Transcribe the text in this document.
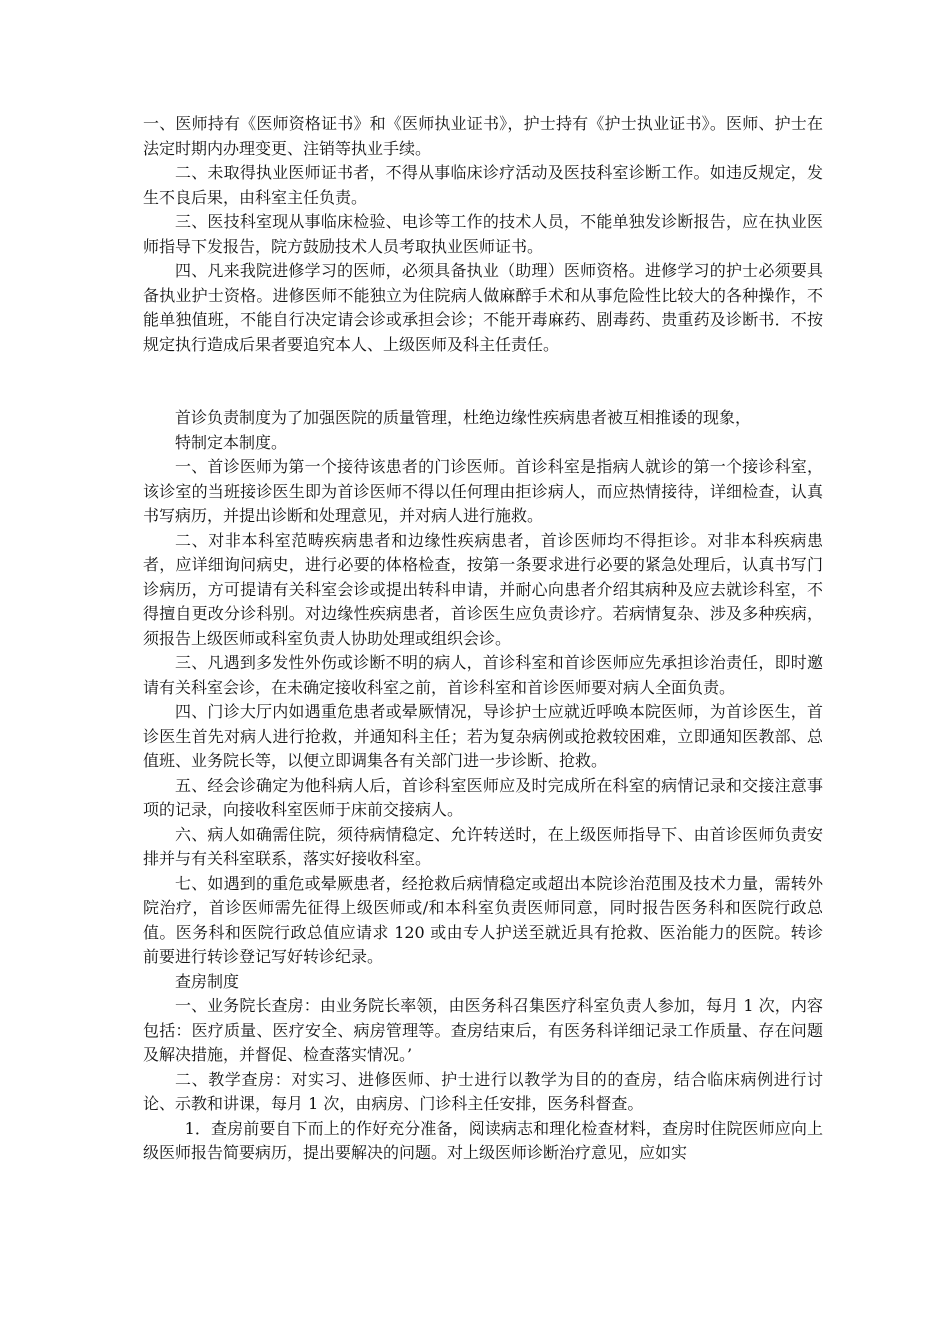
一、医师持有《医师资格证书》和《医师执业证书》，护士持有《护士执业证书》。医师、护士在法定时期内办理变更、注销等执业手续。

二、未取得执业医师证书者，不得从事临床诊疗活动及医技科室诊断工作。如违反规定，发生不良后果，由科室主任负责。

三、医技科室现从事临床检验、电诊等工作的技术人员，不能单独发诊断报告，应在执业医师指导下发报告，院方鼓励技术人员考取执业医师证书。

四、凡来我院进修学习的医师，必须具备执业（助理）医师资格。进修学习的护士必须要具备执业护士资格。进修医师不能独立为住院病人做麻醉手术和从事危险性比较大的各种操作，不能单独值班，不能自行决定请会诊或承担会诊；不能开毒麻药、剧毒药、贵重药及诊断书．不按规定执行造成后果者要追究本人、上级医师及科主任责任。

首诊负责制度为了加强医院的质量管理，杜绝边缘性疾病患者被互相推诿的现象，

特制定本制度。

一、首诊医师为第一个接待该患者的门诊医师。首诊科室是指病人就诊的第一个接诊科室，该诊室的当班接诊医生即为首诊医师不得以任何理由拒诊病人，而应热情接待，详细检查，认真书写病历，并提出诊断和处理意见，并对病人进行施救。

二、对非本科室范畴疾病患者和边缘性疾病患者，首诊医师均不得拒诊。对非本科疾病患者，应详细询问病史，进行必要的体格检查，按第一条要求进行必要的紧急处理后，认真书写门诊病历，方可提请有关科室会诊或提出转科申请，并耐心向患者介绍其病种及应去就诊科室，不得擅自更改分诊科别。对边缘性疾病患者，首诊医生应负责诊疗。若病情复杂、涉及多种疾病，须报告上级医师或科室负责人协助处理或组织会诊。

三、凡遇到多发性外伤或诊断不明的病人，首诊科室和首诊医师应先承担诊治责任，即时邀请有关科室会诊，在未确定接收科室之前，首诊科室和首诊医师要对病人全面负责。

四、门诊大厅内如遇重危患者或晕厥情况，导诊护士应就近呼唤本院医师，为首诊医生，首诊医生首先对病人进行抢救，并通知科主任；若为复杂病例或抢救较困难，立即通知医教部、总值班、业务院长等，以便立即调集各有关部门进一步诊断、抢救。

五、经会诊确定为他科病人后，首诊科室医师应及时完成所在科室的病情记录和交接注意事项的记录，向接收科室医师于床前交接病人。

六、病人如确需住院，须待病情稳定、允许转送时，在上级医师指导下、由首诊医师负责安排并与有关科室联系，落实好接收科室。

七、如遇到的重危或晕厥患者，经抢救后病情稳定或超出本院诊治范围及技术力量，需转外院治疗，首诊医师需先征得上级医师或/和本科室负责医师同意，同时报告医务科和医院行政总值。医务科和医院行政总值应请求 120 或由专人护送至就近具有抢救、医治能力的医院。转诊前要进行转诊登记写好转诊纪录。

查房制度

一、业务院长查房：由业务院长率领，由医务科召集医疗科室负责人参加，每月 1 次，内容包括：医疗质量、医疗安全、病房管理等。查房结束后，有医务科详细记录工作质量、存在问题及解决措施，并督促、检查落实情况。’

二、教学查房：对实习、进修医师、护士进行以教学为目的的查房，结合临床病例进行讨论、示教和讲课，每月 1 次，由病房、门诊科主任安排，医务科督查。

1．查房前要自下而上的作好充分准备，阅读病志和理化检查材料，查房时住院医师应向上级医师报告简要病历，提出要解决的问题。对上级医师诊断治疗意见，应如实
